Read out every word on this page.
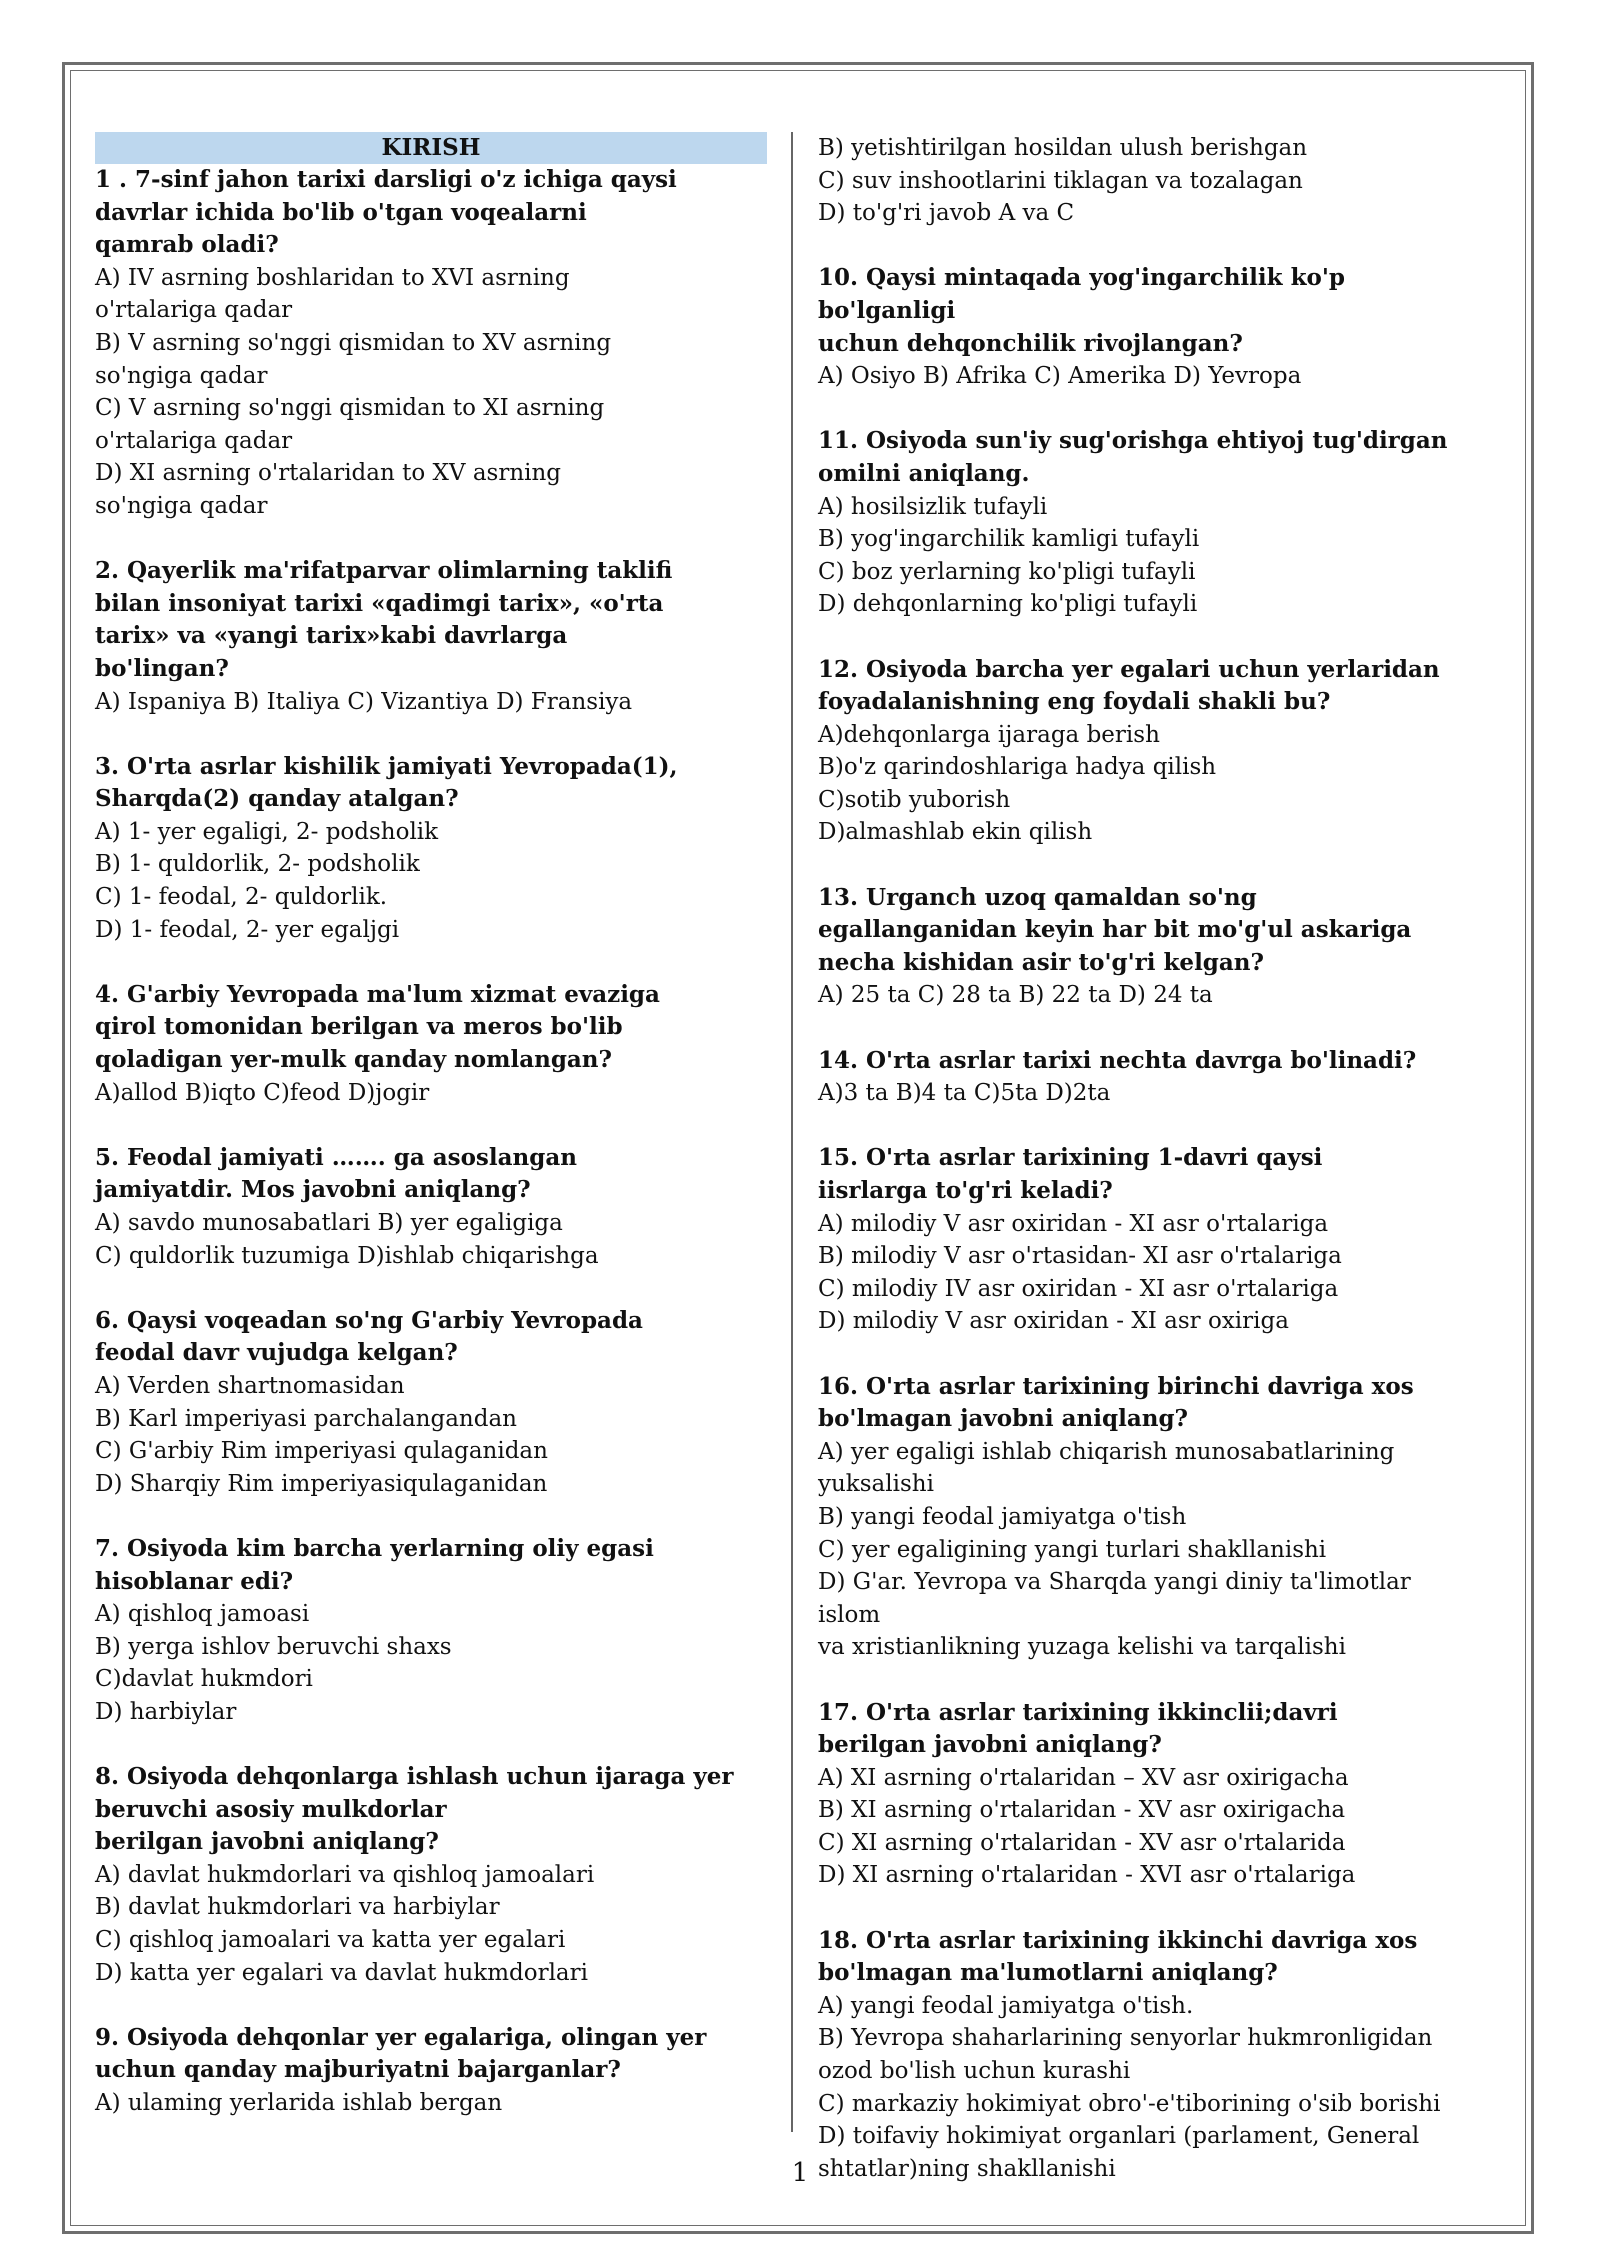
KIRISH
1 . 7-sinf jahon tarixi darsligi o'z ichiga qaysi
davrlar ichida bo'lib o'tgan voqealarni
qamrab oladi?
A) IV asrning boshlaridan to XVI asrning
o'rtalariga qadar
B) V asrning so'nggi qismidan to XV asrning
so'ngiga qadar
C) V asrning so'nggi qismidan to XI asrning
o'rtalariga qadar
D) XI asrning o'rtalaridan to XV asrning
so'ngiga qadar
2. Qayerlik ma'rifatparvar olimlarning taklifi
bilan insoniyat tarixi «qadimgi tarix», «o'rta
tarix» va «yangi tarix»kabi davrlarga
bo'lingan?
A) Ispaniya B) Italiya C) Vizantiya D) Fransiya
3. O'rta asrlar kishilik jamiyati Yevropada(1),
Sharqda(2) qanday atalgan?
A) 1- yer egaligi, 2- podsholik
B) 1- quldorlik, 2- podsholik
C) 1- feodal, 2- quldorlik.
D) 1- feodal, 2- yer egaljgi
4. G'arbiy Yevropada ma'lum xizmat evaziga
qirol tomonidan berilgan va meros bo'lib
qoladigan yer-mulk qanday nomlangan?
A)allod B)iqto C)feod D)jogir
5. Feodal jamiyati ……. ga asoslangan
jamiyatdir. Mos javobni aniqlang?
A) savdo munosabatlari B) yer egaligiga
C) quldorlik tuzumiga D)ishlab chiqarishga
6. Qaysi voqeadan so'ng G'arbiy Yevropada
feodal davr vujudga kelgan?
A) Verden shartnomasidan
B) Karl imperiyasi parchalangandan
C) G'arbiy Rim imperiyasi qulaganidan
D) Sharqiy Rim imperiyasiqulaganidan
7. Osiyoda kim barcha yerlarning oliy egasi
hisoblanar edi?
A) qishloq jamoasi
B) yerga ishlov beruvchi shaxs
C)davlat hukmdori
D) harbiylar
8. Osiyoda dehqonlarga ishlash uchun ijaraga yer
beruvchi asosiy mulkdorlar
berilgan javobni aniqlang?
A) davlat hukmdorlari va qishloq jamoalari
B) davlat hukmdorlari va harbiylar
C) qishloq jamoalari va katta yer egalari
D) katta yer egalari va davlat hukmdorlari
9. Osiyoda dehqonlar yer egalariga, olingan yer
uchun qanday majburiyatni bajarganlar?
A) ulaming yerlarida ishlab bergan
B) yetishtirilgan hosildan ulush berishgan
C) suv inshootlarini tiklagan va tozalagan
D) to'g'ri javob A va C
10. Qaysi mintaqada yog'ingarchilik ko'p bo'lganligi
uchun dehqonchilik rivojlangan?
A) Osiyo B) Afrika C) Amerika D) Yevropa
11. Osiyoda sun'iy sug'orishga ehtiyoj tug'dirgan
omilni aniqlang.
A) hosilsizlik tufayli
B) yog'ingarchilik kamligi tufayli
C) boz yerlarning ko'pligi tufayli
D) dehqonlarning ko'pligi tufayli
12. Osiyoda barcha yer egalari uchun yerlaridan
foyadalanishning eng foydali shakli bu?
A)dehqonlarga ijaraga berish
B)o'z qarindoshlariga hadya qilish
C)sotib yuborish
D)almashlab ekin qilish
13. Urganch uzoq qamaldan so'ng
egallanganidan keyin har bit mo'g'ul askariga
necha kishidan asir to'g'ri kelgan?
A) 25 ta C) 28 ta B) 22 ta D) 24 ta
14. O'rta asrlar tarixi nechta davrga bo'linadi?
A)3 ta B)4 ta C)5ta D)2ta
15. O'rta asrlar tarixining 1-davri qaysi
iisrlarga to'g'ri keladi?
A) milodiy V asr oxiridan - XI asr o'rtalariga
B) milodiy V asr o'rtasidan- XI asr o'rtalariga
C) milodiy IV asr oxiridan - XI asr o'rtalariga
D) milodiy V asr oxiridan - XI asr oxiriga
16. O'rta asrlar tarixining birinchi davriga xos
bo'lmagan javobni aniqlang?
A) yer egaligi ishlab chiqarish munosabatlarining
yuksalishi
B) yangi feodal jamiyatga o'tish
C) yer egaligining yangi turlari shakllanishi
D) G'ar. Yevropa va Sharqda yangi diniy ta'limotlar islom
va xristianlikning yuzaga kelishi va tarqalishi
17. O'rta asrlar tarixining ikkinclii;davri
berilgan javobni aniqlang?
A) XI asrning o'rtalaridan – XV asr oxirigacha
B) XI asrning o'rtalaridan - XV asr oxirigacha
C) XI asrning o'rtalaridan - XV asr o'rtalarida
D) XI asrning o'rtalaridan - XVI asr o'rtalariga
18. O'rta asrlar tarixining ikkinchi davriga xos
bo'lmagan ma'lumotlarni aniqlang?
A) yangi feodal jamiyatga o'tish.
B) Yevropa shaharlarining senyorlar hukmronligidan
ozod bo'lish uchun kurashi
C) markaziy hokimiyat obro'-e'tiborining o'sib borishi
D) toifaviy hokimiyat organlari (parlament, General
shtatlar)ning shakllanishi
1
